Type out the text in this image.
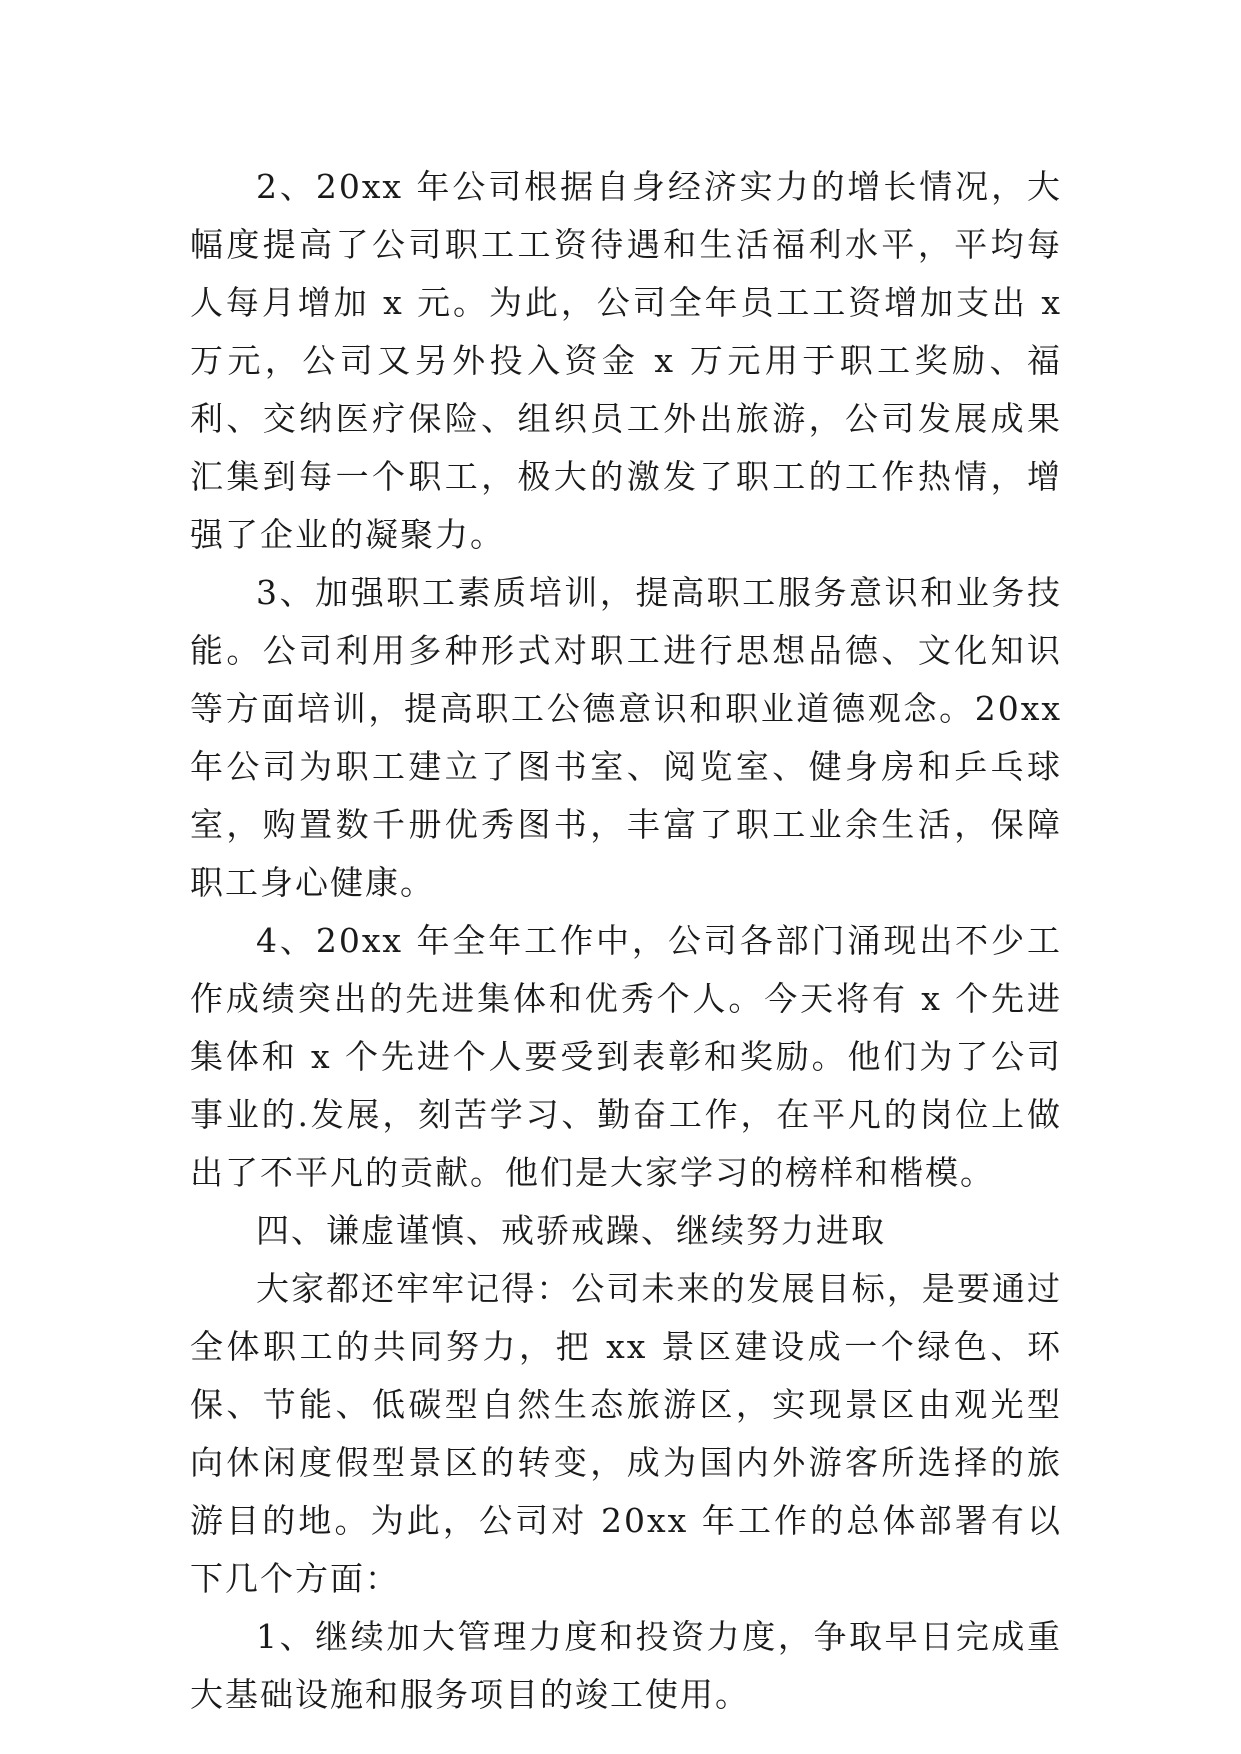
2、20xx 年公司根据自身经济实力的增长情况，大幅度提高了公司职工工资待遇和生活福利水平，平均每人每月增加 x 元。为此，公司全年员工工资增加支出 x 万元，公司又另外投入资金 x 万元用于职工奖励、福利、交纳医疗保险、组织员工外出旅游，公司发展成果汇集到每一个职工，极大的激发了职工的工作热情，增强了企业的凝聚力。

3、加强职工素质培训，提高职工服务意识和业务技能。公司利用多种形式对职工进行思想品德、文化知识等方面培训，提高职工公德意识和职业道德观念。20xx 年公司为职工建立了图书室、阅览室、健身房和乒乓球室，购置数千册优秀图书，丰富了职工业余生活，保障职工身心健康。

4、20xx 年全年工作中，公司各部门涌现出不少工作成绩突出的先进集体和优秀个人。今天将有 x 个先进集体和 x 个先进个人要受到表彰和奖励。他们为了公司事业的.发展，刻苦学习、勤奋工作，在平凡的岗位上做出了不平凡的贡献。他们是大家学习的榜样和楷模。

四、谦虚谨慎、戒骄戒躁、继续努力进取

大家都还牢牢记得：公司未来的发展目标，是要通过全体职工的共同努力，把 xx 景区建设成一个绿色、环保、节能、低碳型自然生态旅游区，实现景区由观光型向休闲度假型景区的转变，成为国内外游客所选择的旅游目的地。为此，公司对 20xx 年工作的总体部署有以下几个方面：

1、继续加大管理力度和投资力度，争取早日完成重大基础设施和服务项目的竣工使用。
